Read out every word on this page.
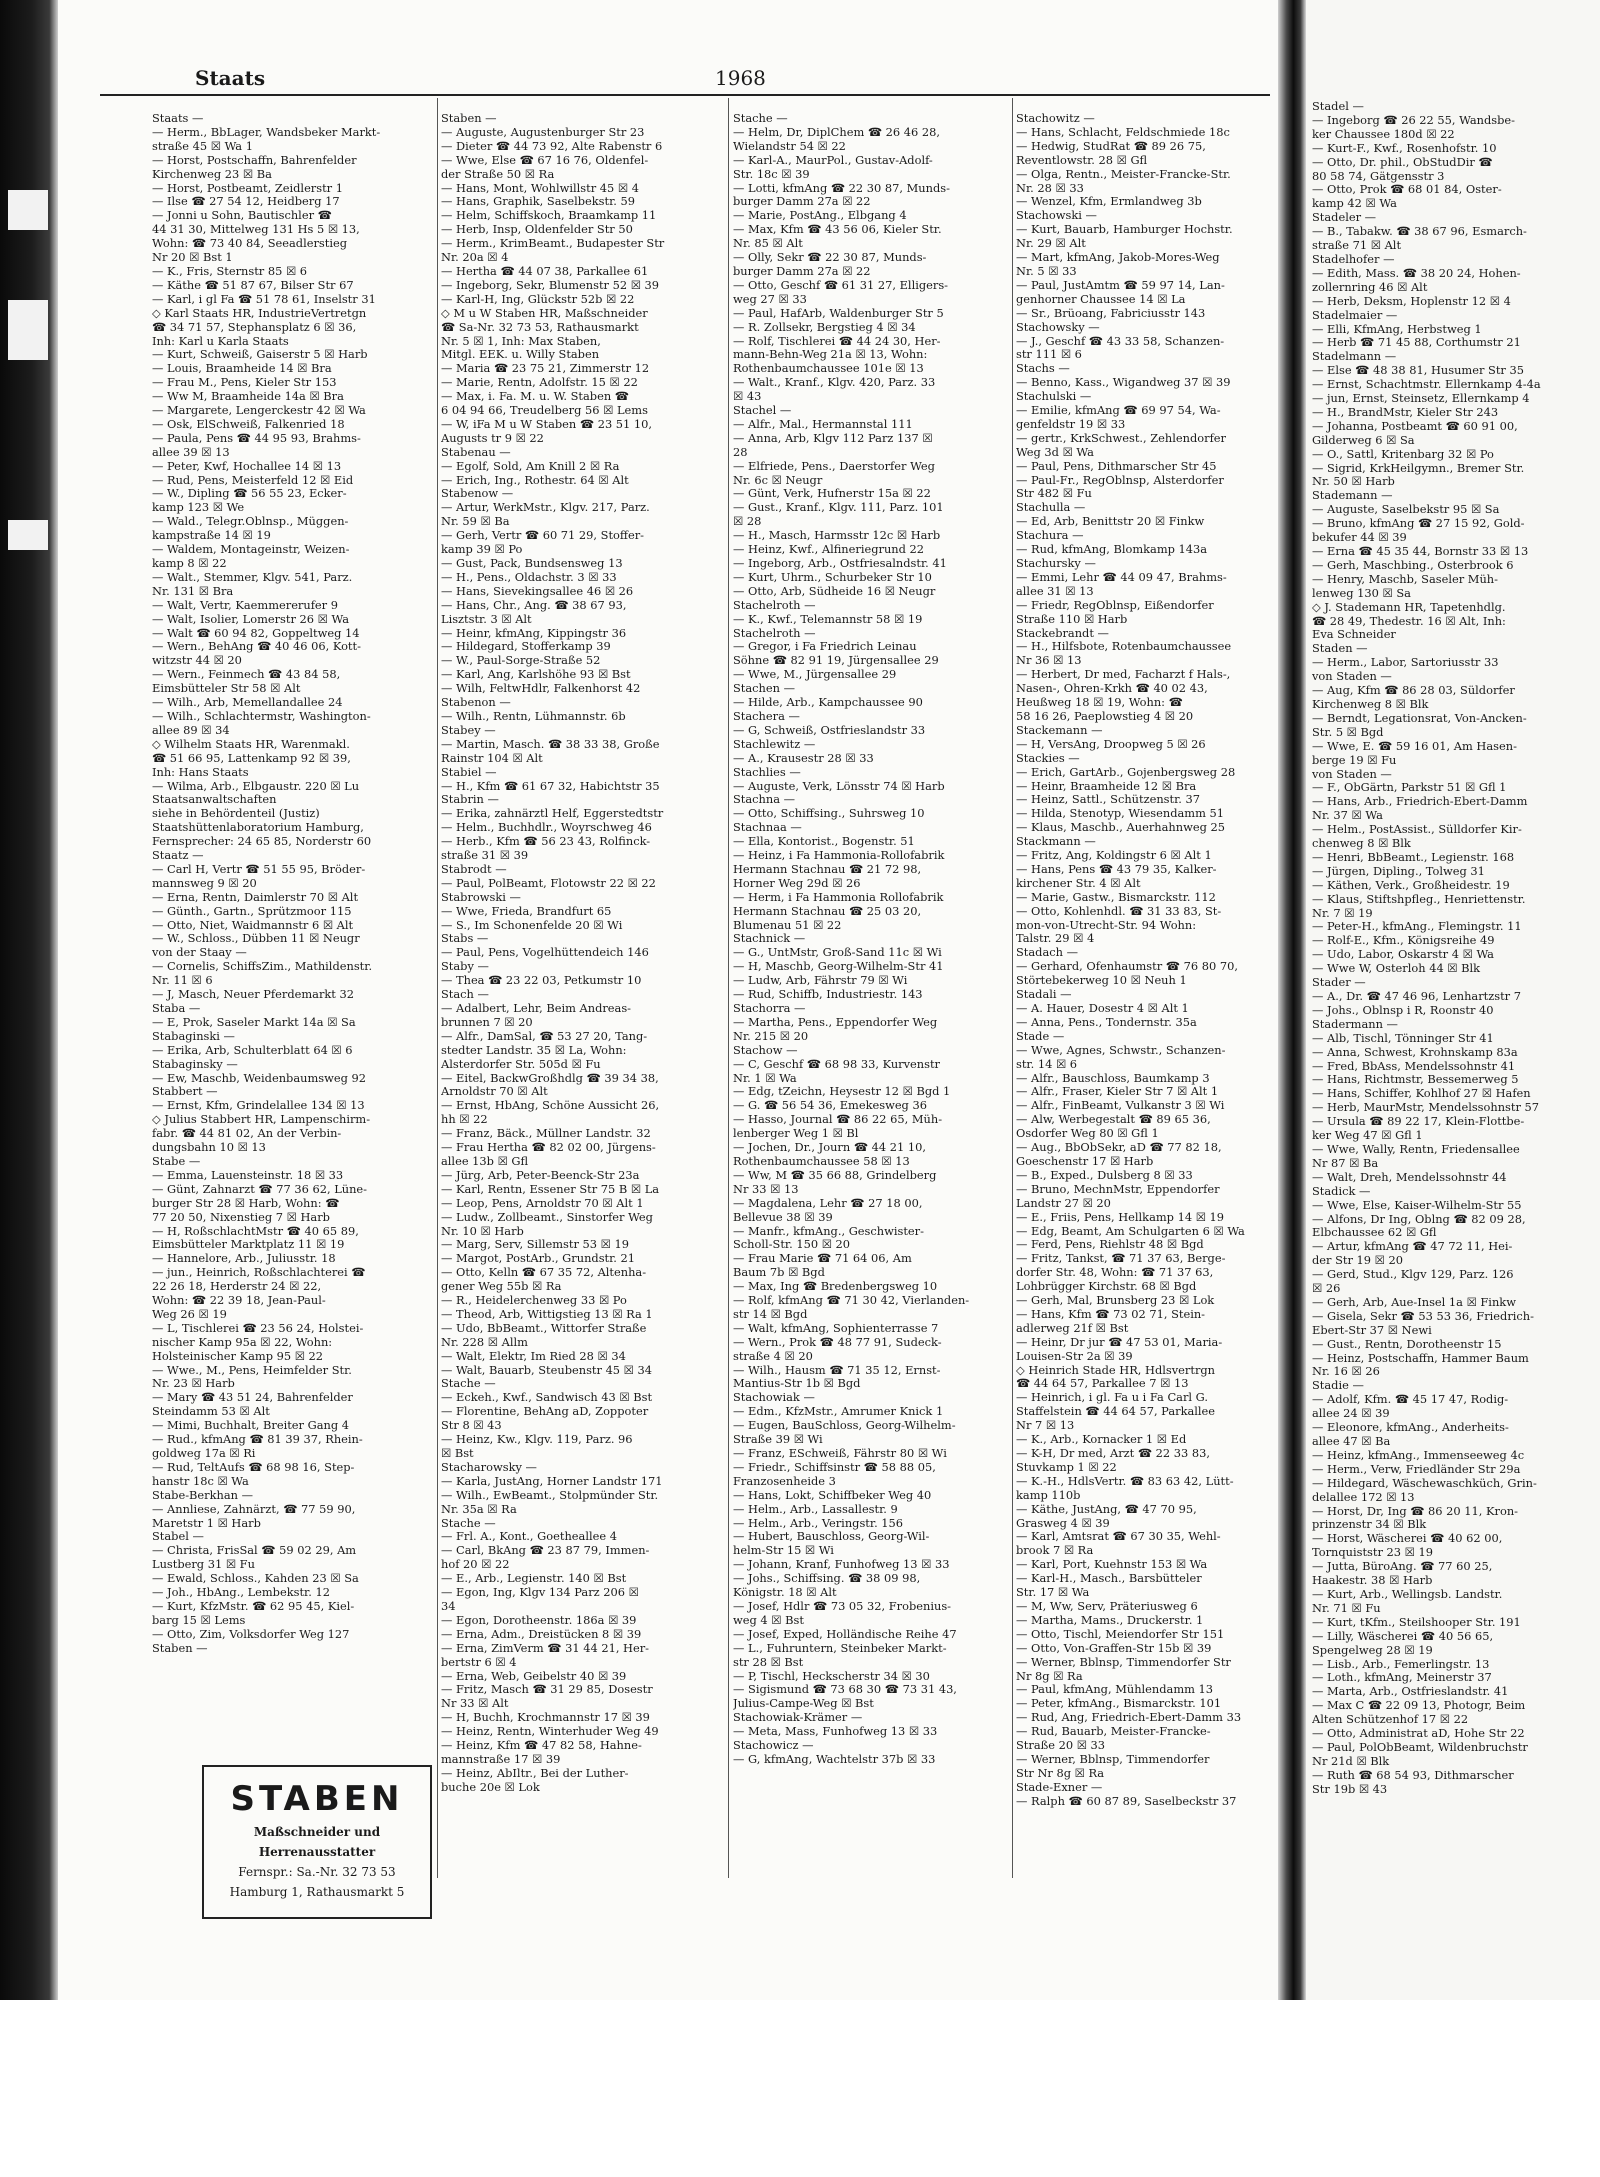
Staats	1968
Staats —
— Herm., BbLager, Wandsbeker Markt-
straße 45 ☒ Wa 1
— Horst, Postschaffn, Bahrenfelder
Kirchenweg 23 ☒ Ba
— Horst, Postbeamt, Zeidlerstr 1
— Ilse ☎ 27 54 12, Heidberg 17
— Jonni u Sohn, Bautischler ☎
44 31 30, Mittelweg 131 Hs 5 ☒ 13,
Wohn: ☎ 73 40 84, Seeadlerstieg
Nr 20 ☒ Bst 1
— K., Fris, Sternstr 85 ☒ 6
— Käthe ☎ 51 87 67, Bilser Str 67
— Karl, i gl Fa ☎ 51 78 61, Inselstr 31
◇ Karl Staats HR, IndustrieVertretgn
☎ 34 71 57, Stephansplatz 6 ☒ 36,
Inh: Karl u Karla Staats
— Kurt, Schweiß, Gaiserstr 5 ☒ Harb
— Louis, Braamheide 14 ☒ Bra
— Frau M., Pens, Kieler Str 153
— Ww M, Braamheide 14a ☒ Bra
— Margarete, Lengerckestr 42 ☒ Wa
— Osk, ElSchweiß, Falkenried 18
— Paula, Pens ☎ 44 95 93, Brahms-
allee 39 ☒ 13
— Peter, Kwf, Hochallee 14 ☒ 13
— Rud, Pens, Meisterfeld 12 ☒ Eid
— W., Dipling ☎ 56 55 23, Ecker-
kamp 123 ☒ We
— Wald., Telegr.Oblnsp., Müggen-
kampstraße 14 ☒ 19
— Waldem, Montageinstr, Weizen-
kamp 8 ☒ 22
— Walt., Stemmer, Klgv. 541, Parz.
Nr. 131 ☒ Bra
— Walt, Vertr, Kaemmererufer 9
— Walt, Isolier, Lomerstr 26 ☒ Wa
— Walt ☎ 60 94 82, Goppeltweg 14
— Wern., BehAng ☎ 40 46 06, Kott-
witzstr 44 ☒ 20
— Wern., Feinmech ☎ 43 84 58,
Eimsbütteler Str 58 ☒ Alt
— Wilh., Arb, Memellandallee 24
— Wilh., Schlachtermstr, Washington-
allee 89 ☒ 34
◇ Wilhelm Staats HR, Warenmakl.
☎ 51 66 95, Lattenkamp 92 ☒ 39,
Inh: Hans Staats
— Wilma, Arb., Elbgaustr. 220 ☒ Lu
Staatsanwaltschaften
siehe in Behördenteil (Justiz)
Staatshüttenlaboratorium Hamburg,
Fernsprecher: 24 65 85, Norderstr 60
Staatz —
— Carl H, Vertr ☎ 51 55 95, Bröder-
mannsweg 9 ☒ 20
— Erna, Rentn, Daimlerstr 70 ☒ Alt
— Günth., Gartn., Sprützmoor 115
— Otto, Niet, Waidmannstr 6 ☒ Alt
— W., Schloss., Dübben 11 ☒ Neugr
von der Staay —
— Cornelis, SchiffsZim., Mathildenstr.
Nr. 11 ☒ 6
— J, Masch, Neuer Pferdemarkt 32
Staba —
— E, Prok, Saseler Markt 14a ☒ Sa
Stabaginski —
— Erika, Arb, Schulterblatt 64 ☒ 6
Stabaginsky —
— Ew, Maschb, Weidenbaumsweg 92
Stabbert —
— Ernst, Kfm, Grindelallee 134 ☒ 13
◇ Julius Stabbert HR, Lampenschirm-
fabr. ☎ 44 81 02, An der Verbin-
dungsbahn 10 ☒ 13
Stabe —
— Emma, Lauensteinstr. 18 ☒ 33
— Günt, Zahnarzt ☎ 77 36 62, Lüne-
burger Str 28 ☒ Harb, Wohn: ☎
77 20 50, Nixenstieg 7 ☒ Harb
— H, RoßschlachtMstr ☎ 40 65 89,
Eimsbütteler Marktplatz 11 ☒ 19
— Hannelore, Arb., Juliusstr. 18
— jun., Heinrich, Roßschlachterei ☎
22 26 18, Herderstr 24 ☒ 22,
Wohn: ☎ 22 39 18, Jean-Paul-
Weg 26 ☒ 19
— L, Tischlerei ☎ 23 56 24, Holstei-
nischer Kamp 95a ☒ 22, Wohn:
Holsteinischer Kamp 95 ☒ 22
— Wwe., M., Pens, Heimfelder Str.
Nr. 23 ☒ Harb
— Mary ☎ 43 51 24, Bahrenfelder
Steindamm 53 ☒ Alt
— Mimi, Buchhalt, Breiter Gang 4
— Rud., kfmAng ☎ 81 39 37, Rhein-
goldweg 17a ☒ Ri
— Rud, TeltAufs ☎ 68 98 16, Step-
hanstr 18c ☒ Wa
Stabe-Berkhan —
— Annliese, Zahnärzt, ☎ 77 59 90,
Maretstr 1 ☒ Harb
Stabel —
— Christa, FrisSal ☎ 59 02 29, Am
Lustberg 31 ☒ Fu
— Ewald, Schloss., Kahden 23 ☒ Sa
— Joh., HbAng., Lembekstr. 12
— Kurt, KfzMstr. ☎ 62 95 45, Kiel-
barg 15 ☒ Lems
— Otto, Zim, Volksdorfer Weg 127
Staben —
Staben —
— Auguste, Augustenburger Str 23
— Dieter ☎ 44 73 92, Alte Rabenstr 6
— Wwe, Else ☎ 67 16 76, Oldenfel-
der Straße 50 ☒ Ra
— Hans, Mont, Wohlwillstr 45 ☒ 4
— Hans, Graphik, Saselbekstr. 59
— Helm, Schiffskoch, Braamkamp 11
— Herb, Insp, Oldenfelder Str 50
— Herm., KrimBeamt., Budapester Str
Nr. 20a ☒ 4
— Hertha ☎ 44 07 38, Parkallee 61
— Ingeborg, Sekr, Blumenstr 52 ☒ 39
— Karl-H, Ing, Glückstr 52b ☒ 22
◇ M u W Staben HR, Maßschneider
☎ Sa-Nr. 32 73 53, Rathausmarkt
Nr. 5 ☒ 1, Inh: Max Staben,
Mitgl. EEK. u. Willy Staben
— Maria ☎ 23 75 21, Zimmerstr 12
— Marie, Rentn, Adolfstr. 15 ☒ 22
— Max, i. Fa. M. u. W. Staben ☎
6 04 94 66, Treudelberg 56 ☒ Lems
— W, iFa M u W Staben ☎ 23 51 10,
Augusts tr 9 ☒ 22
Stabenau —
— Egolf, Sold, Am Knill 2 ☒ Ra
— Erich, Ing., Rothestr. 64 ☒ Alt
Stabenow —
— Artur, WerkMstr., Klgv. 217, Parz.
Nr. 59 ☒ Ba
— Gerh, Vertr ☎ 60 71 29, Stoffer-
kamp 39 ☒ Po
— Gust, Pack, Bundsensweg 13
— H., Pens., Oldachstr. 3 ☒ 33
— Hans, Sievekingsallee 46 ☒ 26
— Hans, Chr., Ang. ☎ 38 67 93,
Lisztstr. 3 ☒ Alt
— Heinr, kfmAng, Kippingstr 36
— Hildegard, Stofferkamp 39
— W., Paul-Sorge-Straße 52
— Karl, Ang, Karlshöhe 93 ☒ Bst
— Wilh, FeltwHdlr, Falkenhorst 42
Stabenon —
— Wilh., Rentn, Lühmannstr. 6b
Stabey —
— Martin, Masch. ☎ 38 33 38, Große
Rainstr 104 ☒ Alt
Stabiel —
— H., Kfm ☎ 61 67 32, Habichtstr 35
Stabrin —
— Erika, zahnärztl Helf, Eggerstedtstr
— Helm., Buchhdlr., Woyrschweg 46
— Herb., Kfm ☎ 56 23 43, Rolfinck-
straße 31 ☒ 39
Stabrodt —
— Paul, PolBeamt, Flotowstr 22 ☒ 22
Stabrowski —
— Wwe, Frieda, Brandfurt 65
— S., Im Schonenfelde 20 ☒ Wi
Stabs —
— Paul, Pens, Vogelhüttendeich 146
Staby —
— Thea ☎ 23 22 03, Petkumstr 10
Stach —
— Adalbert, Lehr, Beim Andreas-
brunnen 7 ☒ 20
— Alfr., DamSal, ☎ 53 27 20, Tang-
stedter Landstr. 35 ☒ La, Wohn:
Alsterdorfer Str. 505d ☒ Fu
— Eitel, BackwGroßhdlg ☎ 39 34 38,
Arnoldstr 70 ☒ Alt
— Ernst, HbAng, Schöne Aussicht 26,
hh ☒ 22
— Franz, Bäck., Müllner Landstr. 32
— Frau Hertha ☎ 82 02 00, Jürgens-
allee 13b ☒ Gfl
— Jürg, Arb, Peter-Beenck-Str 23a
— Karl, Rentn, Essener Str 75 B ☒ La
— Leop, Pens, Arnoldstr 70 ☒ Alt 1
— Ludw., Zollbeamt., Sinstorfer Weg
Nr. 10 ☒ Harb
— Marg, Serv, Sillemstr 53 ☒ 19
— Margot, PostArb., Grundstr. 21
— Otto, Kelln ☎ 67 35 72, Altenha-
gener Weg 55b ☒ Ra
— R., Heidelerchenweg 33 ☒ Po
— Theod, Arb, Wittigstieg 13 ☒ Ra 1
— Udo, BbBeamt., Wittorfer Straße
Nr. 228 ☒ Allm
— Walt, Elektr, Im Ried 28 ☒ 34
— Walt, Bauarb, Steubenstr 45 ☒ 34
Stache —
— Eckeh., Kwf., Sandwisch 43 ☒ Bst
— Florentine, BehAng aD, Zoppoter
Str 8 ☒ 43
— Heinz, Kw., Klgv. 119, Parz. 96
☒ Bst
Stacharowsky —
— Karla, JustAng, Horner Landstr 171
— Wilh., EwBeamt., Stolpmünder Str.
Nr. 35a ☒ Ra
Stache —
— Frl. A., Kont., Goetheallee 4
— Carl, BkAng ☎ 23 87 79, Immen-
hof 20 ☒ 22
— E., Arb., Legienstr. 140 ☒ Bst
— Egon, Ing, Klgv 134 Parz 206 ☒
34
— Egon, Dorotheenstr. 186a ☒ 39
— Erna, Adm., Dreistücken 8 ☒ 39
— Erna, ZimVerm ☎ 31 44 21, Her-
bertstr 6 ☒ 4
— Erna, Web, Geibelstr 40 ☒ 39
— Fritz, Masch ☎ 31 29 85, Dosestr
Nr 33 ☒ Alt
— H, Buchh, Krochmannstr 17 ☒ 39
— Heinz, Rentn, Winterhuder Weg 49
— Heinz, Kfm ☎ 47 82 58, Hahne-
mannstraße 17 ☒ 39
— Heinz, AbIltr., Bei der Luther-
buche 20e ☒ Lok
Stache —
— Helm, Dr, DiplChem ☎ 26 46 28,
Wielandstr 54 ☒ 22
— Karl-A., MaurPol., Gustav-Adolf-
Str. 18c ☒ 39
— Lotti, kfmAng ☎ 22 30 87, Munds-
burger Damm 27a ☒ 22
— Marie, PostAng., Elbgang 4
— Max, Kfm ☎ 43 56 06, Kieler Str.
Nr. 85 ☒ Alt
— Olly, Sekr ☎ 22 30 87, Munds-
burger Damm 27a ☒ 22
— Otto, Geschf ☎ 61 31 27, Elligers-
weg 27 ☒ 33
— Paul, HafArb, Waldenburger Str 5
— R. Zollsekr, Bergstieg 4 ☒ 34
— Rolf, Tischlerei ☎ 44 24 30, Her-
mann-Behn-Weg 21a ☒ 13, Wohn:
Rothenbaumchaussee 101e ☒ 13
— Walt., Kranf., Klgv. 420, Parz. 33
☒ 43
Stachel —
— Alfr., Mal., Hermannstal 111
— Anna, Arb, Klgv 112 Parz 137 ☒
28
— Elfriede, Pens., Daerstorfer Weg
Nr. 6c ☒ Neugr
— Günt, Verk, Hufnerstr 15a ☒ 22
— Gust., Kranf., Klgv. 111, Parz. 101
☒ 28
— H., Masch, Harmsstr 12c ☒ Harb
— Heinz, Kwf., Alfineriegrund 22
— Ingeborg, Arb., Ostfriesalndstr. 41
— Kurt, Uhrm., Schurbeker Str 10
— Otto, Arb, Südheide 16 ☒ Neugr
Stachelroth —
— K., Kwf., Telemannstr 58 ☒ 19
Stachelroth —
— Gregor, i Fa Friedrich Leinau
Söhne ☎ 82 91 19, Jürgensallee 29
— Wwe, M., Jürgensallee 29
Stachen —
— Hilde, Arb., Kampchaussee 90
Stachera —
— G, Schweiß, Ostfrieslandstr 33
Stachlewitz —
— A., Krausestr 28 ☒ 33
Stachlies —
— Auguste, Verk, Lönsstr 74 ☒ Harb
Stachna —
— Otto, Schiffsing., Suhrsweg 10
Stachnaa —
— Ella, Kontorist., Bogenstr. 51
— Heinz, i Fa Hammonia-Rollofabrik
Hermann Stachnau ☎ 21 72 98,
Horner Weg 29d ☒ 26
— Herm, i Fa Hammonia Rollofabrik
Hermann Stachnau ☎ 25 03 20,
Blumenau 51 ☒ 22
Stachnick —
— G., UntMstr, Groß-Sand 11c ☒ Wi
— H, Maschb, Georg-Wilhelm-Str 41
— Ludw, Arb, Fährstr 79 ☒ Wi
— Rud, Schiffb, Industriestr. 143
Stachorra —
— Martha, Pens., Eppendorfer Weg
Nr. 215 ☒ 20
Stachow —
— C, Geschf ☎ 68 98 33, Kurvenstr
Nr. 1 ☒ Wa
— Edg, tZeichn, Heysestr 12 ☒ Bgd 1
— G. ☎ 56 54 36, Emekesweg 36
— Hasso, Journal ☎ 86 22 65, Müh-
lenberger Weg 1 ☒ Bl
— Jochen, Dr., Journ ☎ 44 21 10,
Rothenbaumchaussee 58 ☒ 13
— Ww, M ☎ 35 66 88, Grindelberg
Nr 33 ☒ 13
— Magdalena, Lehr ☎ 27 18 00,
Bellevue 38 ☒ 39
— Manfr., kfmAng., Geschwister-
Scholl-Str. 150 ☒ 20
— Frau Marie ☎ 71 64 06, Am
Baum 7b ☒ Bgd
— Max, Ing ☎ Bredenbergsweg 10
— Rolf, kfmAng ☎ 71 30 42, Vierlanden-
str 14 ☒ Bgd
— Walt, kfmAng, Sophienterrasse 7
— Wern., Prok ☎ 48 77 91, Sudeck-
straße 4 ☒ 20
— Wilh., Hausm ☎ 71 35 12, Ernst-
Mantius-Str 1b ☒ Bgd
Stachowiak —
— Edm., KfzMstr., Amrumer Knick 1
— Eugen, BauSchloss, Georg-Wilhelm-
Straße 39 ☒ Wi
— Franz, ESchweiß, Fährstr 80 ☒ Wi
— Friedr., Schiffsinstr ☎ 58 88 05,
Franzosenheide 3
— Hans, Lokt, Schiffbeker Weg 40
— Helm., Arb., Lassallestr. 9
— Helm., Arb., Veringstr. 156
— Hubert, Bauschloss, Georg-Wil-
helm-Str 15 ☒ Wi
— Johann, Kranf, Funhofweg 13 ☒ 33
— Johs., Schiffsing. ☎ 38 09 98,
Königstr. 18 ☒ Alt
— Josef, Hdlr ☎ 73 05 32, Frobenius-
weg 4 ☒ Bst
— Josef, Exped, Holländische Reihe 47
— L., Fuhruntern, Steinbeker Markt-
str 28 ☒ Bst
— P, Tischl, Heckscherstr 34 ☒ 30
— Sigismund ☎ 73 68 30 ☎ 73 31 43,
Julius-Campe-Weg ☒ Bst
Stachowiak-Krämer —
— Meta, Mass, Funhofweg 13 ☒ 33
Stachowicz —
— G, kfmAng, Wachtelstr 37b ☒ 33
Stachowitz —
— Hans, Schlacht, Feldschmiede 18c
— Hedwig, StudRat ☎ 89 26 75,
Reventlowstr. 28 ☒ Gfl
— Olga, Rentn., Meister-Francke-Str.
Nr. 28 ☒ 33
— Wenzel, Kfm, Ermlandweg 3b
Stachowski —
— Kurt, Bauarb, Hamburger Hochstr.
Nr. 29 ☒ Alt
— Mart, kfmAng, Jakob-Mores-Weg
Nr. 5 ☒ 33
— Paul, JustAmtm ☎ 59 97 14, Lan-
genhorner Chaussee 14 ☒ La
— Sr., Brüoang, Fabriciusstr 143
Stachowsky —
— J., Geschf ☎ 43 33 58, Schanzen-
str 111 ☒ 6
Stachs —
— Benno, Kass., Wigandweg 37 ☒ 39
Stachulski —
— Emilie, kfmAng ☎ 69 97 54, Wa-
genfeldstr 19 ☒ 33
— gertr., KrkSchwest., Zehlendorfer
Weg 3d ☒ Wa
— Paul, Pens, Dithmarscher Str 45
— Paul-Fr., RegOblnsp, Alsterdorfer
Str 482 ☒ Fu
Stachulla —
— Ed, Arb, Benittstr 20 ☒ Finkw
Stachura —
— Rud, kfmAng, Blomkamp 143a
Stachursky —
— Emmi, Lehr ☎ 44 09 47, Brahms-
allee 31 ☒ 13
— Friedr, RegOblnsp, Eißendorfer
Straße 110 ☒ Harb
Stackebrandt —
— H., Hilfsbote, Rotenbaumchaussee
Nr 36 ☒ 13
— Herbert, Dr med, Facharzt f Hals-,
Nasen-, Ohren-Krkh ☎ 40 02 43,
Heußweg 18 ☒ 19, Wohn: ☎
58 16 26, Paeplowstieg 4 ☒ 20
Stackemann —
— H, VersAng, Droopweg 5 ☒ 26
Stackies —
— Erich, GartArb., Gojenbergsweg 28
— Heinr, Braamheide 12 ☒ Bra
— Heinz, Sattl., Schützenstr. 37
— Hilda, Stenotyp, Wiesendamm 51
— Klaus, Maschb., Auerhahnweg 25
Stackmann —
— Fritz, Ang, Koldingstr 6 ☒ Alt 1
— Hans, Pens ☎ 43 79 35, Kalker-
kirchener Str. 4 ☒ Alt
— Marie, Gastw., Bismarckstr. 112
— Otto, Kohlenhdl. ☎ 31 33 83, St-
mon-von-Utrecht-Str. 94 Wohn:
Talstr. 29 ☒ 4
Stadach —
— Gerhard, Ofenhaumstr ☎ 76 80 70,
Störtebekerweg 10 ☒ Neuh 1
Stadali —
— A. Hauer, Dosestr 4 ☒ Alt 1
— Anna, Pens., Tondernstr. 35a
Stade —
— Wwe, Agnes, Schwstr., Schanzen-
str. 14 ☒ 6
— Alfr., Bauschloss, Baumkamp 3
— Alfr., Fraser, Kieler Str 7 ☒ Alt 1
— Alfr., FinBeamt, Vulkanstr 3 ☒ Wi
— Alw, Werbegestalt ☎ 89 65 36,
Osdorfer Weg 80 ☒ Gfl 1
— Aug., BbObSekr, aD ☎ 77 82 18,
Goeschenstr 17 ☒ Harb
— B., Exped., Dulsberg 8 ☒ 33
— Bruno, MechnMstr, Eppendorfer
Landstr 27 ☒ 20
— E., Friis, Pens, Hellkamp 14 ☒ 19
— Edg, Beamt, Am Schulgarten 6 ☒ Wa
— Ferd, Pens, Riehlstr 48 ☒ Bgd
— Fritz, Tankst, ☎ 71 37 63, Berge-
dorfer Str. 48, Wohn: ☎ 71 37 63,
Lohbrügger Kirchstr. 68 ☒ Bgd
— Gerh, Mal, Brunsberg 23 ☒ Lok
— Hans, Kfm ☎ 73 02 71, Stein-
adlerweg 21f ☒ Bst
— Heinr, Dr jur ☎ 47 53 01, Maria-
Louisen-Str 2a ☒ 39
◇ Heinrich Stade HR, Hdlsvertrgn
☎ 44 64 57, Parkallee 7 ☒ 13
— Heinrich, i gl. Fa u i Fa Carl G.
Staffelstein ☎ 44 64 57, Parkallee
Nr 7 ☒ 13
— K., Arb., Kornacker 1 ☒ Ed
— K-H, Dr med, Arzt ☎ 22 33 83,
Stuvkamp 1 ☒ 22
— K.-H., HdlsVertr. ☎ 83 63 42, Lütt-
kamp 110b
— Käthe, JustAng, ☎ 47 70 95,
Grasweg 4 ☒ 39
— Karl, Amtsrat ☎ 67 30 35, Wehl-
brook 7 ☒ Ra
— Karl, Port, Kuehnstr 153 ☒ Wa
— Karl-H., Masch., Barsbütteler
Str. 17 ☒ Wa
— M, Ww, Serv, Präteriusweg 6
— Martha, Mams., Druckerstr. 1
— Otto, Tischl, Meiendorfer Str 151
— Otto, Von-Graffen-Str 15b ☒ 39
— Werner, Bblnsp, Timmendorfer Str
Nr 8g ☒ Ra
— Paul, kfmAng, Mühlendamm 13
— Peter, kfmAng., Bismarckstr. 101
— Rud, Ang, Friedrich-Ebert-Damm 33
— Rud, Bauarb, Meister-Francke-
Straße 20 ☒ 33
— Werner, Bblnsp, Timmendorfer
Str Nr 8g ☒ Ra
Stade-Exner —
— Ralph ☎ 60 87 89, Saselbeckstr 37
Stadel —
— Ingeborg ☎ 26 22 55, Wandsbe-
ker Chaussee 180d ☒ 22
— Kurt-F., Kwf., Rosenhofstr. 10
— Otto, Dr. phil., ObStudDir ☎
80 58 74, Gätgensstr 3
— Otto, Prok ☎ 68 01 84, Oster-
kamp 42 ☒ Wa
Stadeler —
— B., Tabakw. ☎ 38 67 96, Esmarch-
straße 71 ☒ Alt
Stadelhofer —
— Edith, Mass. ☎ 38 20 24, Hohen-
zollernring 46 ☒ Alt
— Herb, Deksm, Hoplenstr 12 ☒ 4
Stadelmaier —
— Elli, KfmAng, Herbstweg 1
— Herb ☎ 71 45 88, Corthumstr 21
Stadelmann —
— Else ☎ 48 38 81, Husumer Str 35
— Ernst, Schachtmstr. Ellernkamp 4-4a
— jun, Ernst, Steinsetz, Ellernkamp 4
— H., BrandMstr, Kieler Str 243
— Johanna, Postbeamt ☎ 60 91 00,
Gilderweg 6 ☒ Sa
— O., Sattl, Kritenbarg 32 ☒ Po
— Sigrid, KrkHeilgymn., Bremer Str.
Nr. 50 ☒ Harb
Stademann —
— Auguste, Saselbekstr 95 ☒ Sa
— Bruno, kfmAng ☎ 27 15 92, Gold-
bekufer 44 ☒ 39
— Erna ☎ 45 35 44, Bornstr 33 ☒ 13
— Gerh, Maschbing., Osterbrook 6
— Henry, Maschb, Saseler Müh-
lenweg 130 ☒ Sa
◇ J. Stademann HR, Tapetenhdlg.
☎ 28 49, Thedestr. 16 ☒ Alt, Inh:
Eva Schneider
Staden —
— Herm., Labor, Sartoriusstr 33
von Staden —
— Aug, Kfm ☎ 86 28 03, Süldorfer
Kirchenweg 8 ☒ Blk
— Berndt, Legationsrat, Von-Ancken-
Str. 5 ☒ Bgd
— Wwe, E. ☎ 59 16 01, Am Hasen-
berge 19 ☒ Fu
von Staden —
— F., ObGärtn, Parkstr 51 ☒ Gfl 1
— Hans, Arb., Friedrich-Ebert-Damm
Nr. 37 ☒ Wa
— Helm., PostAssist., Sülldorfer Kir-
chenweg 8 ☒ Blk
— Henri, BbBeamt., Legienstr. 168
— Jürgen, Dipling., Tolweg 31
— Käthen, Verk., Großheidestr. 19
— Klaus, Stiftshpfleg., Henriettenstr.
Nr. 7 ☒ 19
— Peter-H., kfmAng., Flemingstr. 11
— Rolf-E., Kfm., Königsreihe 49
— Udo, Labor, Oskarstr 4 ☒ Wa
— Wwe W, Osterloh 44 ☒ Blk
Stader —
— A., Dr. ☎ 47 46 96, Lenhartzstr 7
— Johs., Oblnsp i R, Roonstr 40
Stadermann —
— Alb, Tischl, Tönninger Str 41
— Anna, Schwest, Krohnskamp 83a
— Fred, BbAss, Mendelssohnstr 41
— Hans, Richtmstr, Bessemerweg 5
— Hans, Schiffer, Kohlhof 27 ☒ Hafen
— Herb, MaurMstr, Mendelssohnstr 57
— Ursula ☎ 89 22 17, Klein-Flottbe-
ker Weg 47 ☒ Gfl 1
— Wwe, Wally, Rentn, Friedensallee
Nr 87 ☒ Ba
— Walt, Dreh, Mendelssohnstr 44
Stadick —
— Wwe, Else, Kaiser-Wilhelm-Str 55
— Alfons, Dr Ing, Oblng ☎ 82 09 28,
Elbchaussee 62 ☒ Gfl
— Artur, kfmAng ☎ 47 72 11, Hei-
der Str 19 ☒ 20
— Gerd, Stud., Klgv 129, Parz. 126
☒ 26
— Gerh, Arb, Aue-Insel 1a ☒ Finkw
— Gisela, Sekr ☎ 53 53 36, Friedrich-
Ebert-Str 37 ☒ Newi
— Gust., Rentn, Dorotheenstr 15
— Heinz, Postschaffn, Hammer Baum
Nr. 16 ☒ 26
Stadie —
— Adolf, Kfm. ☎ 45 17 47, Rodig-
allee 24 ☒ 39
— Eleonore, kfmAng., Anderheits-
allee 47 ☒ Ba
— Heinz, kfmAng., Immenseeweg 4c
— Herm., Verw, Friedländer Str 29a
— Hildegard, Wäschewaschküch, Grin-
delallee 172 ☒ 13
— Horst, Dr, Ing ☎ 86 20 11, Kron-
prinzenstr 34 ☒ Blk
— Horst, Wäscherei ☎ 40 62 00,
Tornquiststr 23 ☒ 19
— Jutta, BüroAng. ☎ 77 60 25,
Haakestr. 38 ☒ Harb
— Kurt, Arb., Wellingsb. Landstr.
Nr. 71 ☒ Fu
— Kurt, tKfm., Steilshooper Str. 191
— Lilly, Wäscherei ☎ 40 56 65,
Spengelweg 28 ☒ 19
— Lisb., Arb., Femerlingstr. 13
— Loth., kfmAng, Meinerstr 37
— Marta, Arb., Ostfrieslandstr. 41
— Max C ☎ 22 09 13, Photogr, Beim
Alten Schützenhof 17 ☒ 22
— Otto, Administrat aD, Hohe Str 22
— Paul, PolObBeamt, Wildenbruchstr
Nr 21d ☒ Blk
— Ruth ☎ 68 54 93, Dithmarscher
Str 19b ☒ 43
STABEN
Maßschneider und
Herrenausstatter
Fernspr.: Sa.-Nr. 32 73 53
Hamburg 1, Rathausmarkt 5
